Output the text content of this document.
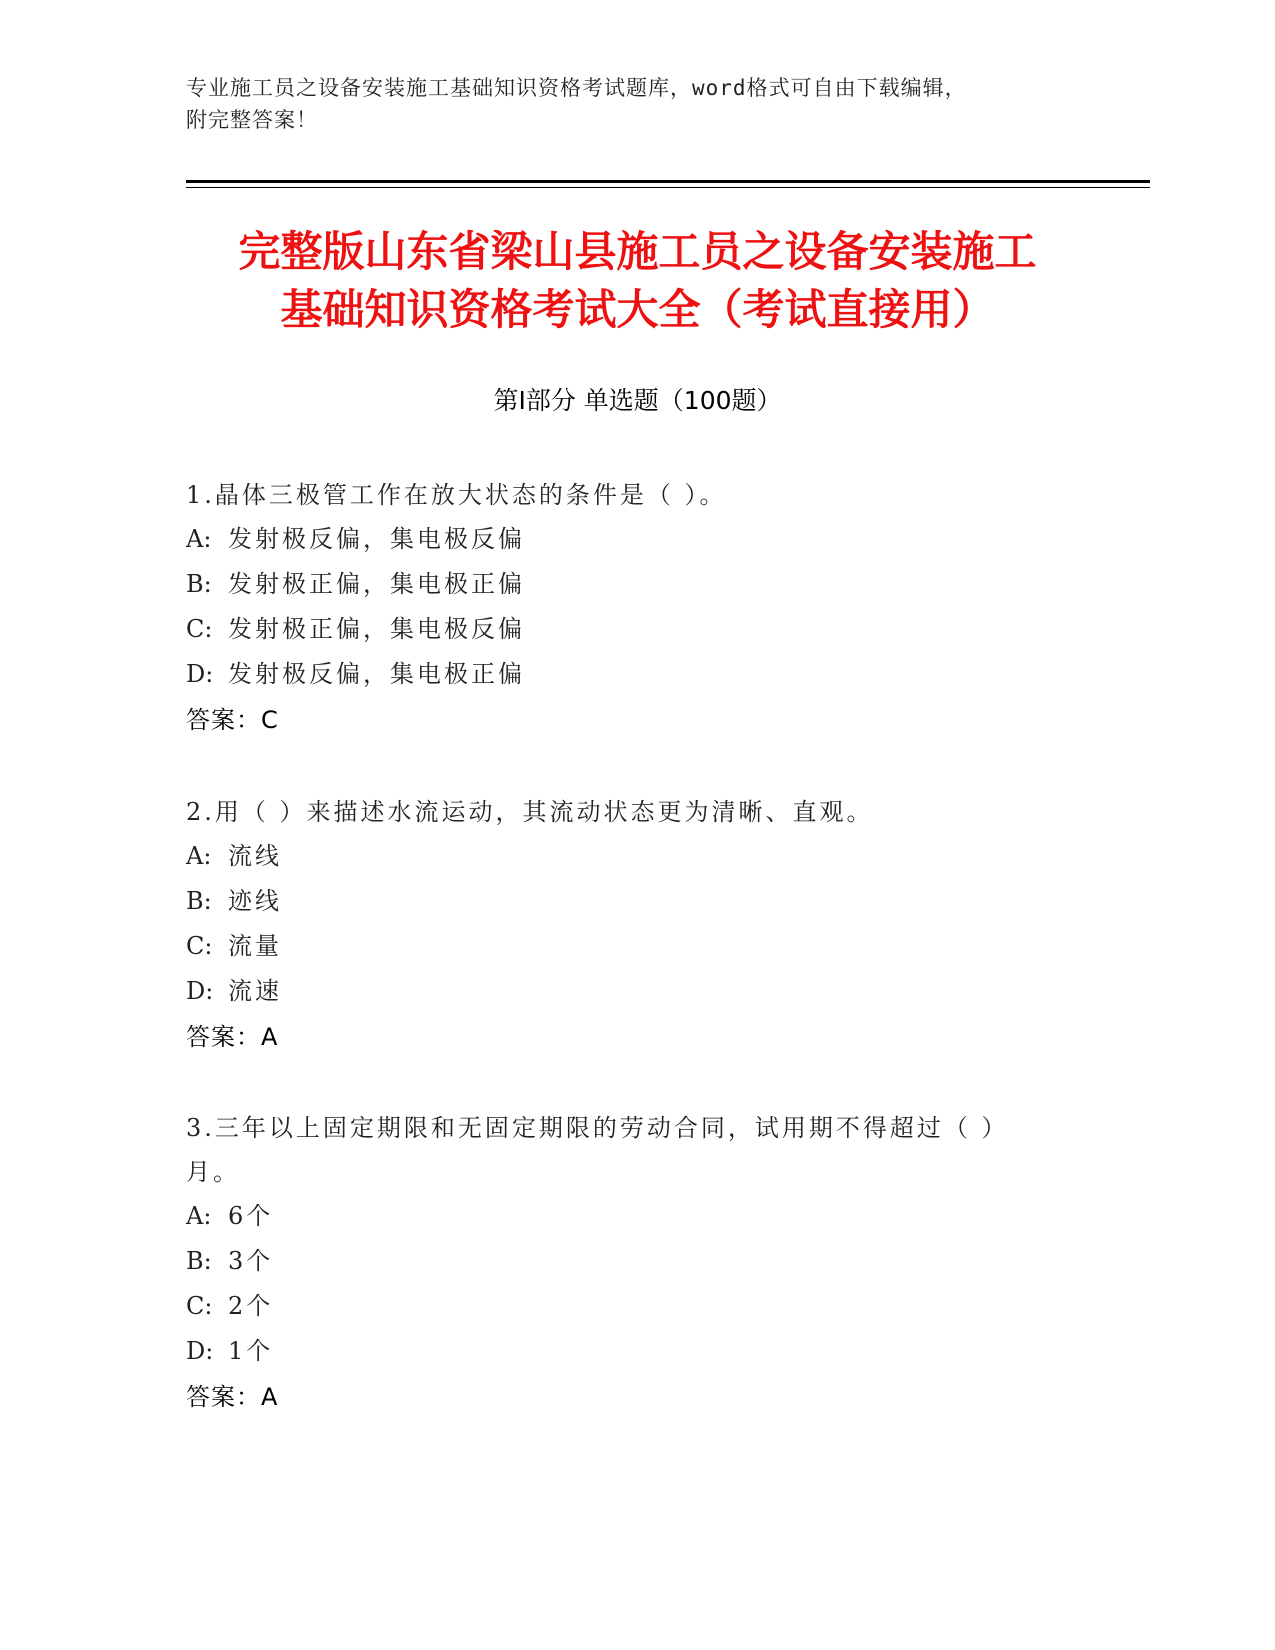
专业施工员之设备安装施工基础知识资格考试题库，word格式可自由下载编辑，
附完整答案！
完整版山东省梁山县施工员之设备安装施工
基础知识资格考试大全（考试直接用）
第Ⅰ部分 单选题（100题）
1.晶体三极管工作在放大状态的条件是（ ）。
A: 发射极反偏，集电极反偏
B: 发射极正偏，集电极正偏
C: 发射极正偏，集电极反偏
D: 发射极反偏，集电极正偏
答案：C
2.用（ ）来描述水流运动，其流动状态更为清晰、直观。
A: 流线
B: 迹线
C: 流量
D: 流速
答案：A
3.三年以上固定期限和无固定期限的劳动合同，试用期不得超过（ ）
月。
A: 6个
B: 3个
C: 2个
D: 1个
答案：A
